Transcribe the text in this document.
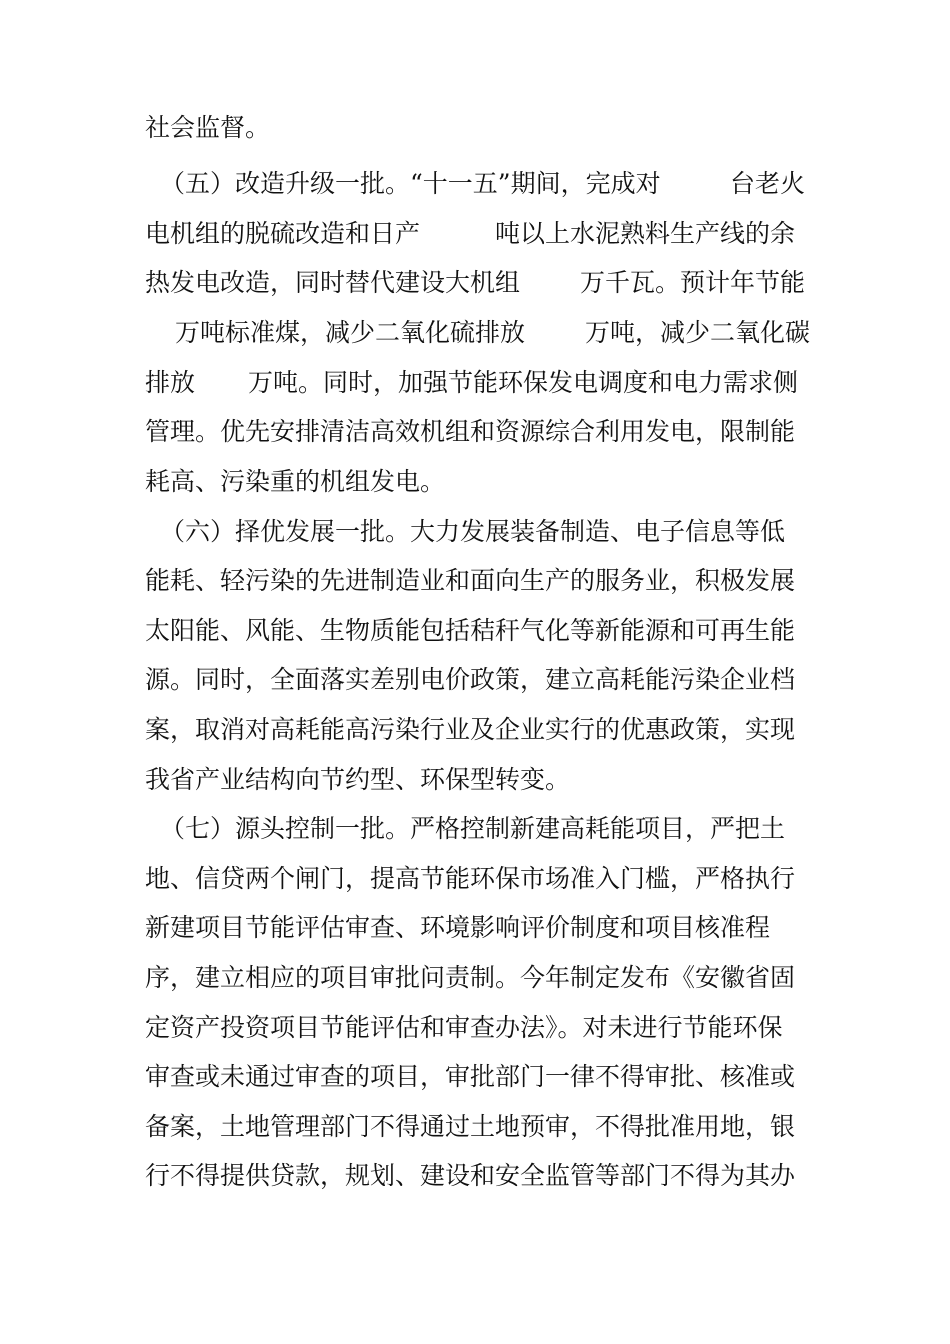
社会监督。

（五）改造升级一批。“十一五”期间，完成对

	台老火

电机组的脱硫改造和日产

	吨以上水泥熟料生产线的余

热发电改造，同时替代建设大机组

万千瓦。预计年节能

万吨标准煤，减少二氧化硫排放

万吨，减少二氧化碳

排放

万吨。同时，加强节能环保发电调度和电力需求侧

管理。优先安排清洁高效机组和资源综合利用发电，限制能

耗高、污染重的机组发电。

（六）择优发展一批。大力发展装备制造、电子信息等低

能耗、轻污染的先进制造业和面向生产的服务业，积极发展

太阳能、风能、生物质能包括秸秆气化等新能源和可再生能

源。同时，全面落实差别电价政策，建立高耗能污染企业档

案，取消对高耗能高污染行业及企业实行的优惠政策，实现

我省产业结构向节约型、环保型转变。

（七）源头控制一批。严格控制新建高耗能项目，严把土

地、信贷两个闸门，提高节能环保市场准入门槛，严格执行

新建项目节能评估审查、环境影响评价制度和项目核准程

序，建立相应的项目审批问责制。今年制定发布《安徽省固

定资产投资项目节能评估和审查办法》。对未进行节能环保

审查或未通过审查的项目，审批部门一律不得审批、核准或

备案，土地管理部门不得通过土地预审，不得批准用地，银

行不得提供贷款，规划、建设和安全监管等部门不得为其办
